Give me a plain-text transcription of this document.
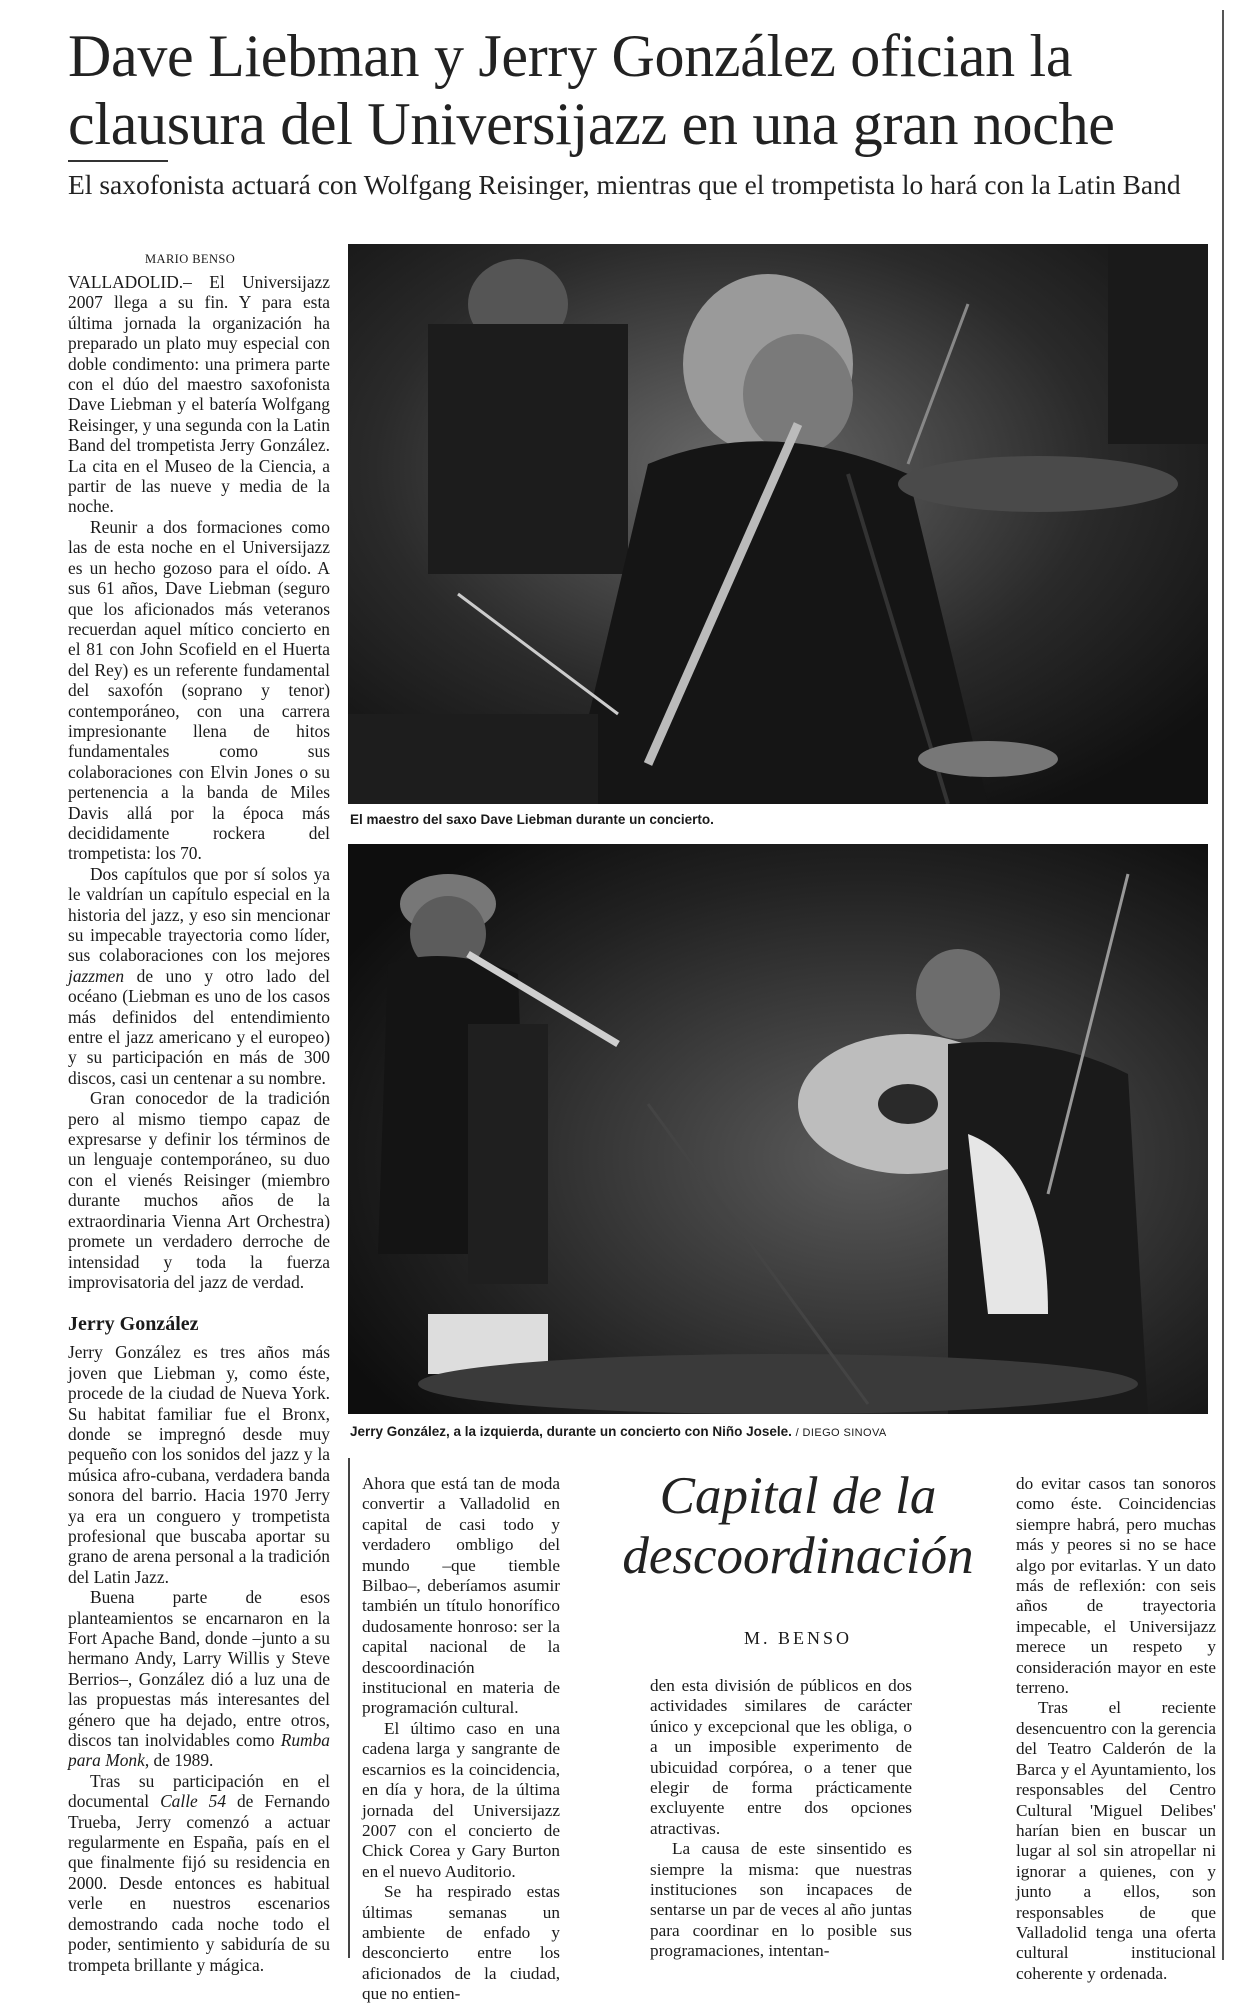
Dave Liebman y Jerry González ofician la
clausura del Universijazz en una gran noche
El saxofonista actuará con Wolfgang Reisinger, mientras que el trompetista lo hará con la Latin Band
MARIO BENSO

VALLADOLID.– El Universijazz 2007 llega a su fin. Y para esta última jornada la organización ha preparado un plato muy especial con doble condimento: una primera parte con el dúo del maestro saxofonista Dave Liebman y el batería Wolfgang Reisinger, y una segunda con la Latin Band del trompetista Jerry González. La cita en el Museo de la Ciencia, a partir de las nueve y media de la noche.

Reunir a dos formaciones como las de esta noche en el Universijazz es un hecho gozoso para el oído. A sus 61 años, Dave Liebman (seguro que los aficionados más veteranos recuerdan aquel mítico concierto en el 81 con John Scofield en el Huerta del Rey) es un referente fundamental del saxofón (soprano y tenor) contemporáneo, con una carrera impresionante llena de hitos fundamentales como sus colaboraciones con Elvin Jones o su pertenencia a la banda de Miles Davis allá por la época más decididamente rockera del trompetista: los 70.

Dos capítulos que por sí solos ya le valdrían un capítulo especial en la historia del jazz, y eso sin mencionar su impecable trayectoria como líder, sus colaboraciones con los mejores jazzmen de uno y otro lado del océano (Liebman es uno de los casos más definidos del entendimiento entre el jazz americano y el europeo) y su participación en más de 300 discos, casi un centenar a su nombre.

Gran conocedor de la tradición pero al mismo tiempo capaz de expresarse y definir los términos de un lenguaje contemporáneo, su duo con el vienés Reisinger (miembro durante muchos años de la extraordinaria Vienna Art Orchestra) promete un verdadero derroche de intensidad y toda la fuerza improvisatoria del jazz de verdad.

Jerry González

Jerry González es tres años más joven que Liebman y, como éste, procede de la ciudad de Nueva York. Su habitat familiar fue el Bronx, donde se impregnó desde muy pequeño con los sonidos del jazz y la música afro-cubana, verdadera banda sonora del barrio. Hacia 1970 Jerry ya era un conguero y trompetista profesional que buscaba aportar su grano de arena personal a la tradición del Latin Jazz.

Buena parte de esos planteamientos se encarnaron en la Fort Apache Band, donde –junto a su hermano Andy, Larry Willis y Steve Berrios–, González dió a luz una de las propuestas más interesantes del género que ha dejado, entre otros, discos tan inolvidables como Rumba para Monk, de 1989.

Tras su participación en el documental Calle 54 de Fernando Trueba, Jerry comenzó a actuar regularmente en España, país en el que finalmente fijó su residencia en 2000. Desde entonces es habitual verle en nuestros escenarios demostrando cada noche todo el poder, sentimiento y sabiduría de su trompeta brillante y mágica.

El maestro del saxo Dave Liebman durante un concierto.
Jerry González, a la izquierda, durante un concierto con Niño Josele. / DIEGO SINOVA

Ahora que está tan de moda convertir a Valladolid en capital de casi todo y verdadero ombligo del mundo –que tiemble Bilbao–, deberíamos asumir también un título honorífico dudosamente honroso: ser la capital nacional de la descoordinación institucional en materia de programación cultural.

El último caso en una cadena larga y sangrante de escarnios es la coincidencia, en día y hora, de la última jornada del Universijazz 2007 con el concierto de Chick Corea y Gary Burton en el nuevo Auditorio.

Se ha respirado estas últimas semanas un ambiente de enfado y desconcierto entre los aficionados de la ciudad, que no entien-

Capital de la
descoordinación
M. BENSO

den esta división de públicos en dos actividades similares de carácter único y excepcional que les obliga, o a un imposible experimento de ubicuidad corpórea, o a tener que elegir de forma prácticamente excluyente entre dos opciones atractivas.

La causa de este sinsentido es siempre la misma: que nuestras instituciones son incapaces de sentarse un par de veces al año juntas para coordinar en lo posible sus programaciones, intentan-

do evitar casos tan sonoros como éste. Coincidencias siempre habrá, pero muchas más y peores si no se hace algo por evitarlas. Y un dato más de reflexión: con seis años de trayectoria impecable, el Universijazz merece un respeto y consideración mayor en este terreno.

Tras el reciente desencuentro con la gerencia del Teatro Calderón de la Barca y el Ayuntamiento, los responsables del Centro Cultural 'Miguel Delibes' harían bien en buscar un lugar al sol sin atropellar ni ignorar a quienes, con y junto a ellos, son responsables de que Valladolid tenga una oferta cultural institucional coherente y ordenada.
